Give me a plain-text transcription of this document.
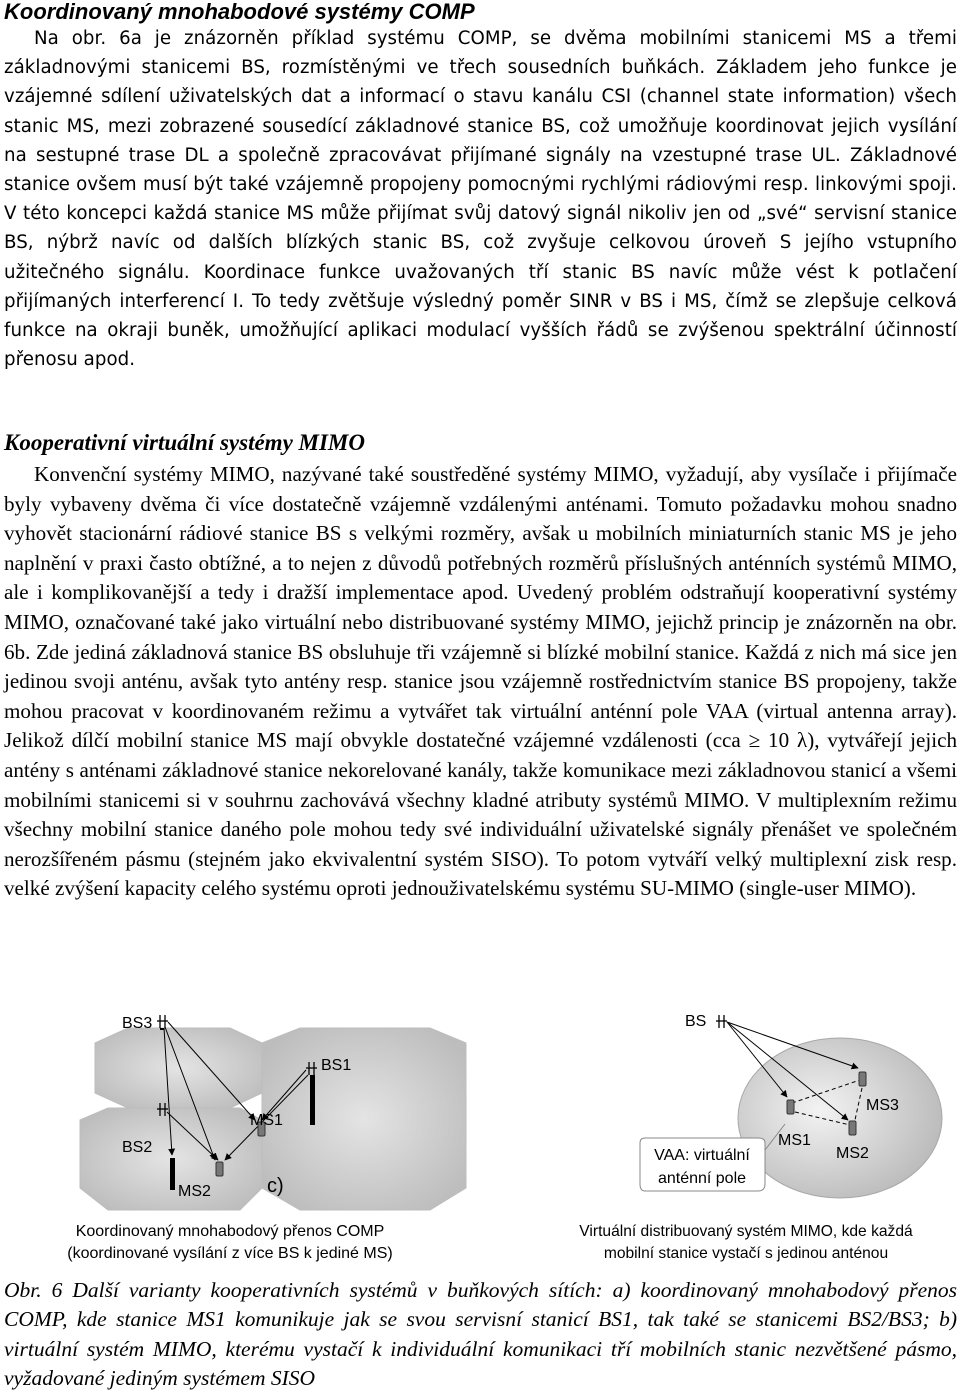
Koordinovaný mnohabodové systémy COMP

Na obr. 6a je znázorněn příklad systému COMP, se dvěma mobilními stanicemi MS a třemi základnovými stanicemi BS, rozmístěnými ve třech sousedních buňkách. Základem jeho funkce je vzájemné sdílení uživatelských dat a informací o stavu kanálu CSI (channel state information) všech stanic MS, mezi zobrazené sousedící základnové stanice BS, což umožňuje koordinovat jejich vysílání na sestupné trase DL a společně zpracovávat přijímané signály na vzestupné trase UL. Základnové stanice ovšem musí být také vzájemně propojeny pomocnými rychlými rádiovými resp. linkovými spoji. V této koncepci každá stanice MS může přijímat svůj datový signál nikoliv jen od „své“ servisní stanice BS, nýbrž navíc od dalších blízkých stanic BS, což zvyšuje celkovou úroveň S jejího vstupního užitečného signálu. Koordinace funkce uvažovaných tří stanic BS navíc může vést k potlačení přijímaných interferencí I. To tedy zvětšuje výsledný poměr SINR v BS i MS, čímž se zlepšuje celková funkce na okraji buněk, umožňující aplikaci modulací vyšších řádů se zvýšenou spektrální účinností přenosu apod.

Kooperativní virtuální systémy MIMO

Konvenční systémy MIMO, nazývané také soustředěné systémy MIMO, vyžadují, aby vysílače i přijímače byly vybaveny dvěma či více dostatečně vzájemně vzdálenými anténami. Tomuto požadavku mohou snadno vyhovět stacionární rádiové stanice BS s velkými rozměry, avšak u mobilních miniaturních stanic MS je jeho naplnění v praxi často obtížné, a to nejen z důvodů potřebných rozměrů příslušných anténních systémů MIMO, ale i komplikovanější a tedy i dražší implementace apod. Uvedený problém odstraňují kooperativní systémy MIMO, označované také jako virtuální nebo distribuované systémy MIMO, jejichž princip je znázorněn na obr. 6b. Zde jediná základnová stanice BS obsluhuje tři vzájemně si blízké mobilní stanice. Každá z nich má sice jen jedinou svoji anténu, avšak tyto antény resp. stanice jsou vzájemně rostřednictvím stanice BS propojeny, takže mohou pracovat v koordinovaném režimu a vytvářet tak virtuální anténní pole VAA (virtual antenna array). Jelikož dílčí mobilní stanice MS mají obvykle dostatečné vzájemné vzdálenosti (cca ≥ 10 λ), vytvářejí jejich antény s anténami základnové stanice nekorelované kanály, takže komunikace mezi základnovou stanicí a všemi mobilními stanicemi si v souhrnu zachovává všechny kladné atributy systémů MIMO. V multiplexním režimu všechny mobilní stanice daného pole mohou tedy své individuální uživatelské signály přenášet ve společném nerozšířeném pásmu (stejném jako ekvivalentní systém SISO). To potom vytváří velký multiplexní zisk resp. velké zvýšení kapacity celého systému oproti jednouživatelskému systému SU-MIMO (single-user MIMO).

BS3
BS1
MS1
BS2
MS2	c)
BS
MS3
MS1
MS2
VAA: virtuální
anténní pole

Koordinovaný mnohabodový přenos COMP
(koordinované vysílání z více BS k jediné MS)

Virtuální distribuovaný systém MIMO, kde každá
mobilní stanice vystačí s jedinou anténou

Obr. 6 Další varianty kooperativních systémů v buňkových sítích: a) koordinovaný mnohabodový přenos COMP, kde stanice MS1 komunikuje jak se svou servisní stanicí BS1, tak také se stanicemi BS2/BS3; b) virtuální systém MIMO, kterému vystačí k individuální komunikaci tří mobilních stanic nezvětšené pásmo, vyžadované jediným systémem SISO
